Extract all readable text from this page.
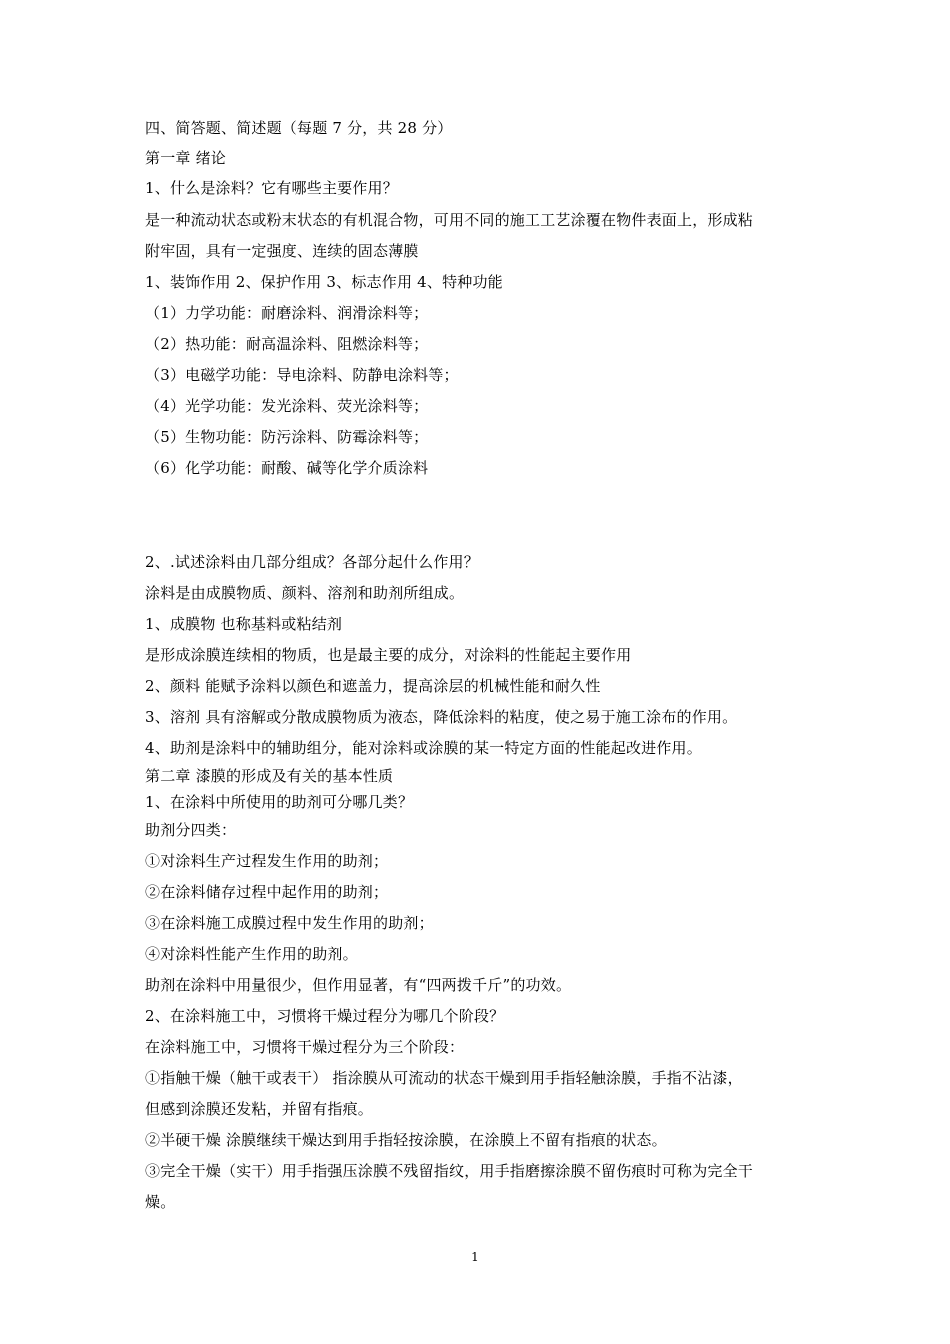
四、简答题、简述题（每题 7 分，共 28 分）
第一章 绪论
1、什么是涂料？它有哪些主要作用？
是一种流动状态或粉末状态的有机混合物，可用不同的施工工艺涂覆在物件表面上，形成粘
附牢固，具有一定强度、连续的固态薄膜
1、装饰作用 2、保护作用 3、标志作用 4、特种功能
（1）力学功能：耐磨涂料、润滑涂料等；
（2）热功能：耐高温涂料、阻燃涂料等；
（3）电磁学功能：导电涂料、防静电涂料等；
（4）光学功能：发光涂料、荧光涂料等；
（5）生物功能：防污涂料、防霉涂料等；
（6）化学功能：耐酸、碱等化学介质涂料
2、.试述涂料由几部分组成？各部分起什么作用？
涂料是由成膜物质、颜料、溶剂和助剂所组成。
1、成膜物 也称基料或粘结剂
是形成涂膜连续相的物质，也是最主要的成分，对涂料的性能起主要作用
2、颜料 能赋予涂料以颜色和遮盖力，提高涂层的机械性能和耐久性
3、溶剂 具有溶解或分散成膜物质为液态，降低涂料的粘度，使之易于施工涂布的作用。
4、助剂是涂料中的辅助组分，能对涂料或涂膜的某一特定方面的性能起改进作用。
第二章 漆膜的形成及有关的基本性质
1、在涂料中所使用的助剂可分哪几类？
助剂分四类：
①对涂料生产过程发生作用的助剂；
②在涂料储存过程中起作用的助剂；
③在涂料施工成膜过程中发生作用的助剂；
④对涂料性能产生作用的助剂。
助剂在涂料中用量很少，但作用显著，有“四两拨千斤”的功效。
2、在涂料施工中，习惯将干燥过程分为哪几个阶段？
在涂料施工中，习惯将干燥过程分为三个阶段：
①指触干燥（触干或表干） 指涂膜从可流动的状态干燥到用手指轻触涂膜，手指不沾漆，
但感到涂膜还发粘，并留有指痕。
②半硬干燥 涂膜继续干燥达到用手指轻按涂膜，在涂膜上不留有指痕的状态。
③完全干燥（实干）用手指强压涂膜不残留指纹，用手指磨擦涂膜不留伤痕时可称为完全干
燥。
1
